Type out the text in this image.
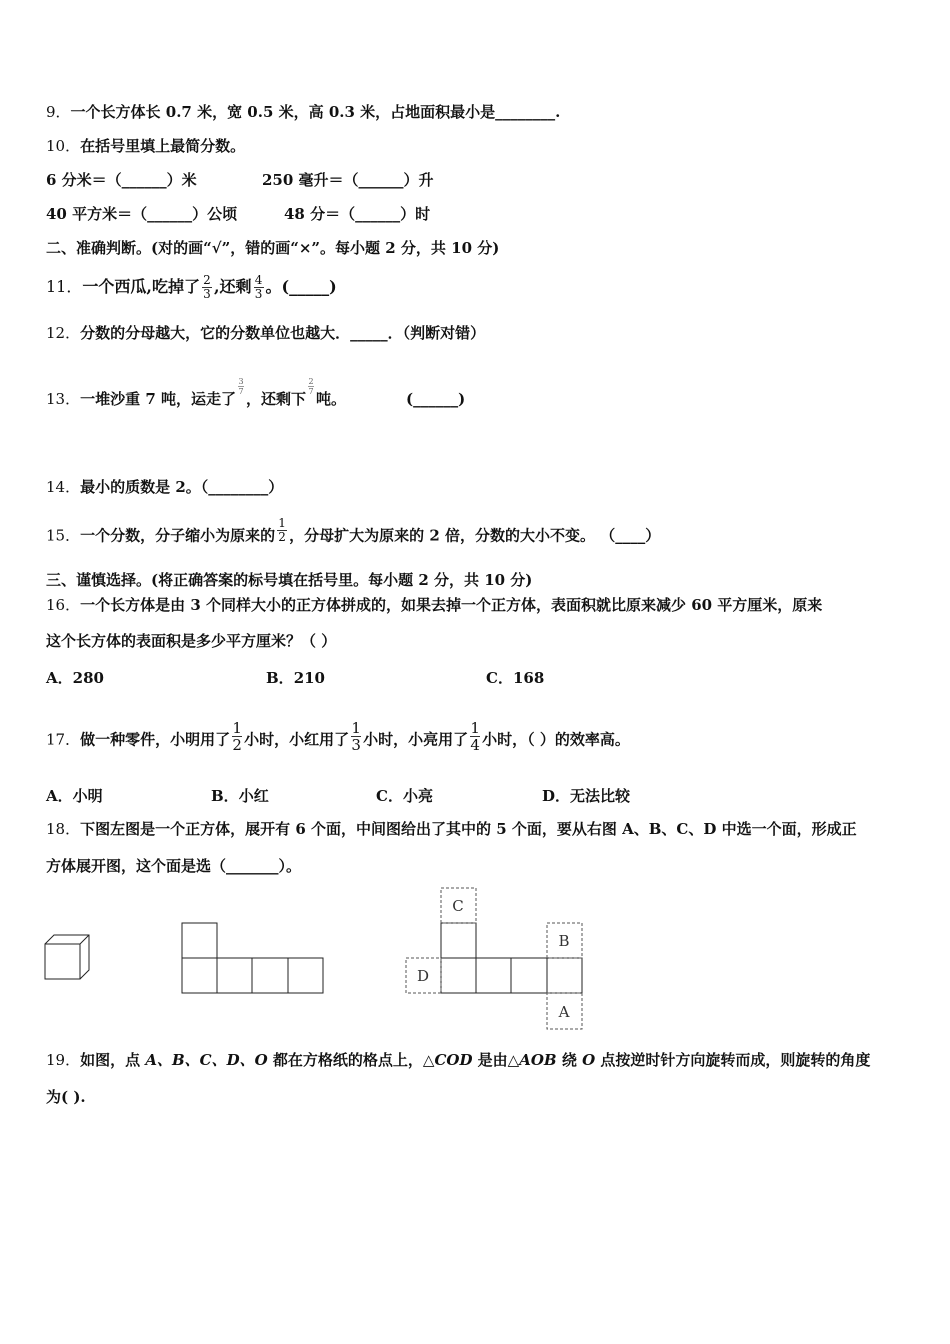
9．一个长方体长 0.7 米，宽 0.5 米，高 0.3 米，占地面积最小是________.
10．在括号里填上最简分数。
6 分米＝（______）米	250 毫升＝（______）升
40 平方米＝（______）公顷	48 分＝（______）时
二、准确判断。(对的画“√”，错的画“×”。每小题 2 分，共 10 分)
11．一个西瓜,吃掉了 $\frac{2}{3}$ ,还剩 $\frac{4}{3}$ 。(_____)
12．分数的分母越大，它的分数单位也越大．_____．（判断对错）
13．一堆沙重 7 吨，运走了
$\frac{3}{7}$
，还剩下
$\frac{2}{7}$
吨。	(______)
14．最小的质数是 2。（________）
15．一个分数，分子缩小为原来的 $\frac{1}{2}$ ，分母扩大为原来的 2 倍，分数的大小不变。 （____）
三、谨慎选择。(将正确答案的标号填在括号里。每小题 2 分，共 10 分)
16．一个长方体是由 3 个同样大小的正方体拼成的，如果去掉一个正方体，表面积就比原来减少 60 平方厘米，原来
这个长方体的表面积是多少平方厘米？（ ）
A．280	B．210	C．168
17．做一种零件，小明用了 $\frac{1}{2}$ 小时，小红用了 $\frac{1}{3}$ 小时，小亮用了 $\frac{1}{4}$ 小时，（ ）的效率高。
A．小明	B．小红	C．小亮	D．无法比较
18．下图左图是一个正方体，展开有 6 个面，中间图给出了其中的 5 个面，要从右图 A、B、C、D 中选一个面，形成正
方体展开图，这个面是选（_______）。
C
B
A
D
19．如图，点 A、B、C、D、O 都在方格纸的格点上，△COD 是由△AOB 绕 O 点按逆时针方向旋转而成，则旋转的角度
为( ).
